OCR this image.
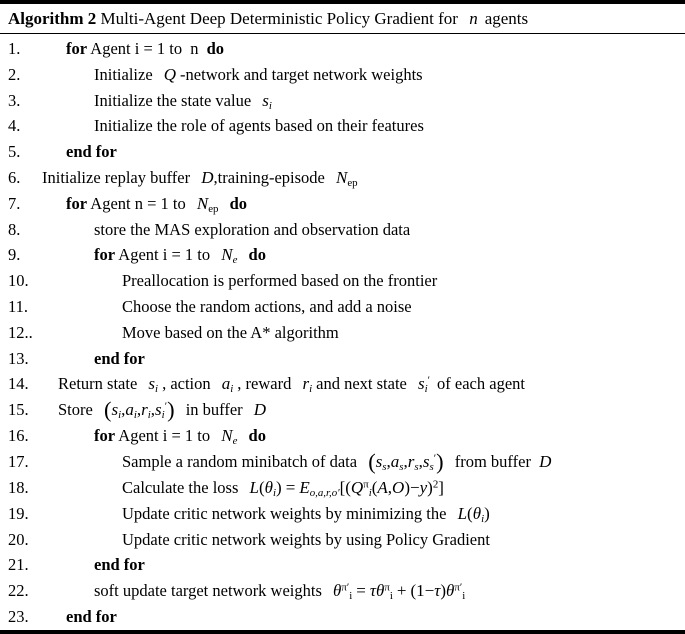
Algorithm 2 Multi-Agent Deep Deterministic Policy Gradient for n agents
1.	for Agent i = 1 to n do
2.	Initialize Q -network and target network weights
3.	Initialize the state value $s_i$
4.	Initialize the role of agents based on their features
5.	end for
6.	Initialize replay buffer D,training-episode $N_{ep}$
7.	for Agent n = 1 to $N_{ep}$ do
8.	store the MAS exploration and observation data
9.	for Agent i = 1 to $N_e$ do
10.	Preallocation is performed based on the frontier
11.	Choose the random actions, and add a noise
12..	Move based on the A* algorithm
13.	end for
14.	Return state $s_i$ , action $a_i$ , reward $r_i$ and next state $s_i'$ of each agent
15.	Store $(s_i,a_i,r_i,s_i')$ in buffer D
16.	for Agent i = 1 to $N_e$ do
17.	Sample a random minibatch of data $(s_s,a_s,r_s,s_s')$ from buffer D
18.	Calculate the loss $L(\theta_i) = E_{o,a,r,o'}[(Q^\pi_i(A,O)-y)^2]$
19.	Update critic network weights by minimizing the $L(\theta_i)$
20.	Update critic network weights by using Policy Gradient
21.	end for
22.	soft update target network weights $\theta^{\pi'}_i = \tau\theta^\pi_i + (1-\tau)\theta^{\pi'}_i$
23.	end for
